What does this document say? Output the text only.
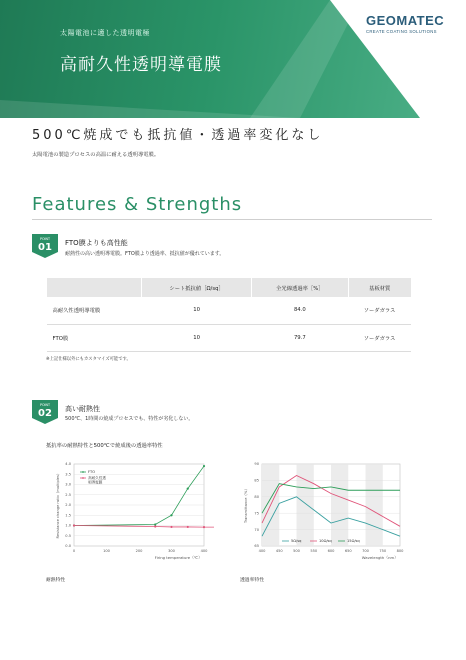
太陽電池に適した透明電極
高耐久性透明導電膜
GEOMATEC
CREATE COATING SOLUTIONS
500℃焼成でも抵抗値・透過率変化なし
太陽電池の製造プロセスの高温に耐える透明導電膜。
Features & Strengths
POINT
01	FTO膜よりも高性能
耐熱性の高い透明導電膜。FTO膜より透過率、抵抗値が優れています。
	シート抵抗値［Ω/sq］	全光線透過率［%］	基板材質
高耐久性透明導電膜	10	84.0	ソーダガラス
FTO膜	10	79.7	ソーダガラス
※上記仕様以外にもカスタマイズ可能です。
POINT
02	高い耐熱性
500℃、1時間の焼成プロセスでも、特性が劣化しない。
抵抗率の耐熱特性と500℃で焼成後の透過率特性
0	100	200	300	400
0.0
0.5
1.0
1.5
2.0
2.5
3.0
3.5
4.0
Firing temperature（℃）
Resistance change ratio（multiples）	FTO
高耐久性透
明導電膜
400	450	500	550	600	650	700	750	800
65
70
75
80
85
90
Wavelength（nm）
Transmittance（%）
5Ω/sq	10Ω/sq	15Ω/sq
耐熱特性	透過率特性
